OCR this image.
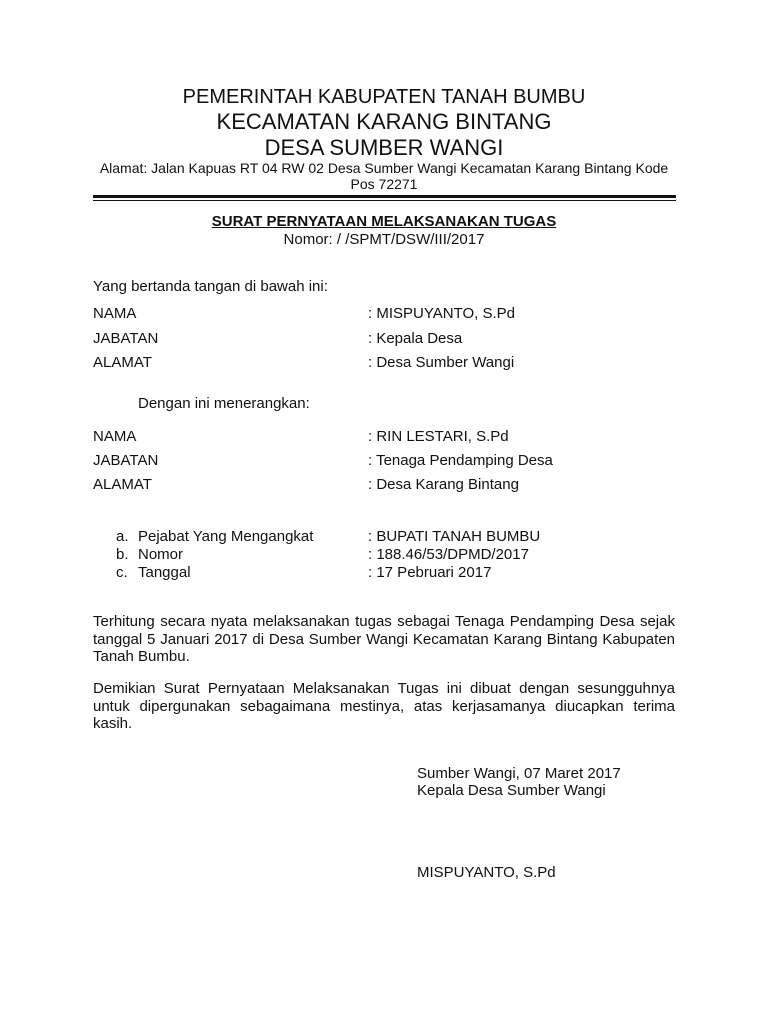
PEMERINTAH KABUPATEN TANAH BUMBU
KECAMATAN KARANG BINTANG
DESA SUMBER WANGI
Alamat: Jalan Kapuas RT 04 RW 02 Desa Sumber Wangi Kecamatan Karang Bintang Kode
Pos 72271
SURAT PERNYATAAN MELAKSANAKAN TUGAS
Nomor: / /SPMT/DSW/III/2017
Yang bertanda tangan di bawah ini:
NAMA	: MISPUYANTO, S.Pd
JABATAN	: Kepala Desa
ALAMAT	: Desa Sumber Wangi
Dengan ini menerangkan:
NAMA	: RIN LESTARI, S.Pd
JABATAN	: Tenaga Pendamping Desa
ALAMAT	: Desa Karang Bintang
a. Pejabat Yang Mengangkat	: BUPATI TANAH BUMBU
b. Nomor	: 188.46/53/DPMD/2017
c. Tanggal	: 17 Pebruari 2017
Terhitung secara nyata melaksanakan tugas sebagai Tenaga Pendamping Desa sejak tanggal 5 Januari 2017 di Desa Sumber Wangi Kecamatan Karang Bintang Kabupaten Tanah Bumbu.
Demikian Surat Pernyataan Melaksanakan Tugas ini dibuat dengan sesungguhnya untuk dipergunakan sebagaimana mestinya, atas kerjasamanya diucapkan terima kasih.
Sumber Wangi, 07 Maret 2017
Kepala Desa Sumber Wangi
MISPUYANTO, S.Pd
